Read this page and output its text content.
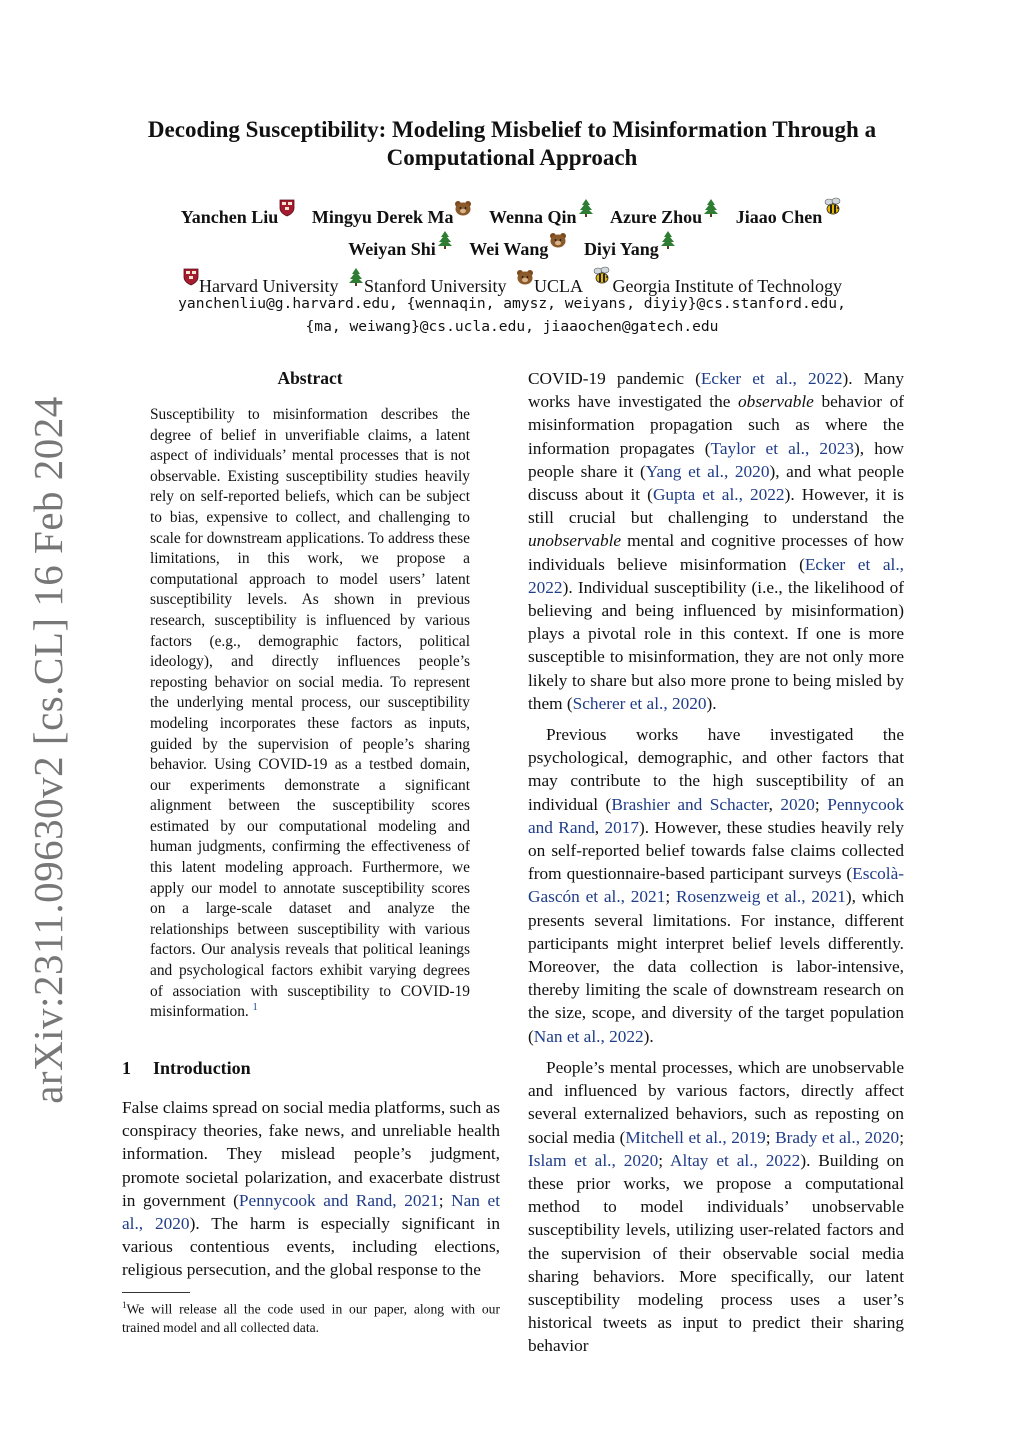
arXiv:2311.09630v2 [cs.CL] 16 Feb 2024
Decoding Susceptibility: Modeling Misbelief to Misinformation Through a Computational Approach
Yanchen Liu Mingyu Derek Ma Wenna Qin Azure Zhou Jiaao Chen
Weiyan Shi Wei Wang Diyi Yang
Harvard University Stanford University UCLA Georgia Institute of Technology
yanchenliu@g.harvard.edu, {wennaqin, amysz, weiyans, diyiy}@cs.stanford.edu,
{ma, weiwang}@cs.ucla.edu, jiaaochen@gatech.edu
Abstract
Susceptibility to misinformation describes the degree of belief in unverifiable claims, a latent aspect of individuals’ mental processes that is not observable. Existing susceptibility studies heavily rely on self-reported beliefs, which can be subject to bias, expensive to collect, and challenging to scale for downstream applications. To address these limitations, in this work, we propose a computational approach to model users’ latent susceptibility levels. As shown in previous research, susceptibility is influenced by various factors (e.g., demographic factors, political ideology), and directly influences people’s reposting behavior on social media. To represent the underlying mental process, our susceptibility modeling incorporates these factors as inputs, guided by the supervision of people’s sharing behavior. Using COVID-19 as a testbed domain, our experiments demonstrate a significant alignment between the susceptibility scores estimated by our computational modeling and human judgments, confirming the effectiveness of this latent modeling approach. Furthermore, we apply our model to annotate susceptibility scores on a large-scale dataset and analyze the relationships between susceptibility with various factors. Our analysis reveals that political leanings and psychological factors exhibit varying degrees of association with susceptibility to COVID-19 misinformation. $^1$
1 Introduction
False claims spread on social media platforms, such as conspiracy theories, fake news, and unreliable health information. They mislead people’s judgment, promote societal polarization, and exacerbate distrust in government (Pennycook and Rand, 2021; Nan et al., 2020). The harm is especially significant in various contentious events, including elections, religious persecution, and the global response to the
$^1$We will release all the code used in our paper, along with our trained model and all collected data.

COVID-19 pandemic (Ecker et al., 2022). Many works have investigated the observable behavior of misinformation propagation such as where the information propagates (Taylor et al., 2023), how people share it (Yang et al., 2020), and what people discuss about it (Gupta et al., 2022). However, it is still crucial but challenging to understand the unobservable mental and cognitive processes of how individuals believe misinformation (Ecker et al., 2022). Individual susceptibility (i.e., the likelihood of believing and being influenced by misinformation) plays a pivotal role in this context. If one is more susceptible to misinformation, they are not only more likely to share but also more prone to being misled by them (Scherer et al., 2020).

Previous works have investigated the psychological, demographic, and other factors that may contribute to the high susceptibility of an individual (Brashier and Schacter, 2020; Pennycook and Rand, 2017). However, these studies heavily rely on self-reported belief towards false claims collected from questionnaire-based participant surveys (Escolà-Gascón et al., 2021; Rosenzweig et al., 2021), which presents several limitations. For instance, different participants might interpret belief levels differently. Moreover, the data collection is labor-intensive, thereby limiting the scale of downstream research on the size, scope, and diversity of the target population (Nan et al., 2022).

People’s mental processes, which are unobservable and influenced by various factors, directly affect several externalized behaviors, such as reposting on social media (Mitchell et al., 2019; Brady et al., 2020; Islam et al., 2020; Altay et al., 2022). Building on these prior works, we propose a computational method to model individuals’ unobservable susceptibility levels, utilizing user-related factors and the supervision of their observable social media sharing behaviors. More specifically, our latent susceptibility modeling process uses a user’s historical tweets as input to predict their sharing behavior
